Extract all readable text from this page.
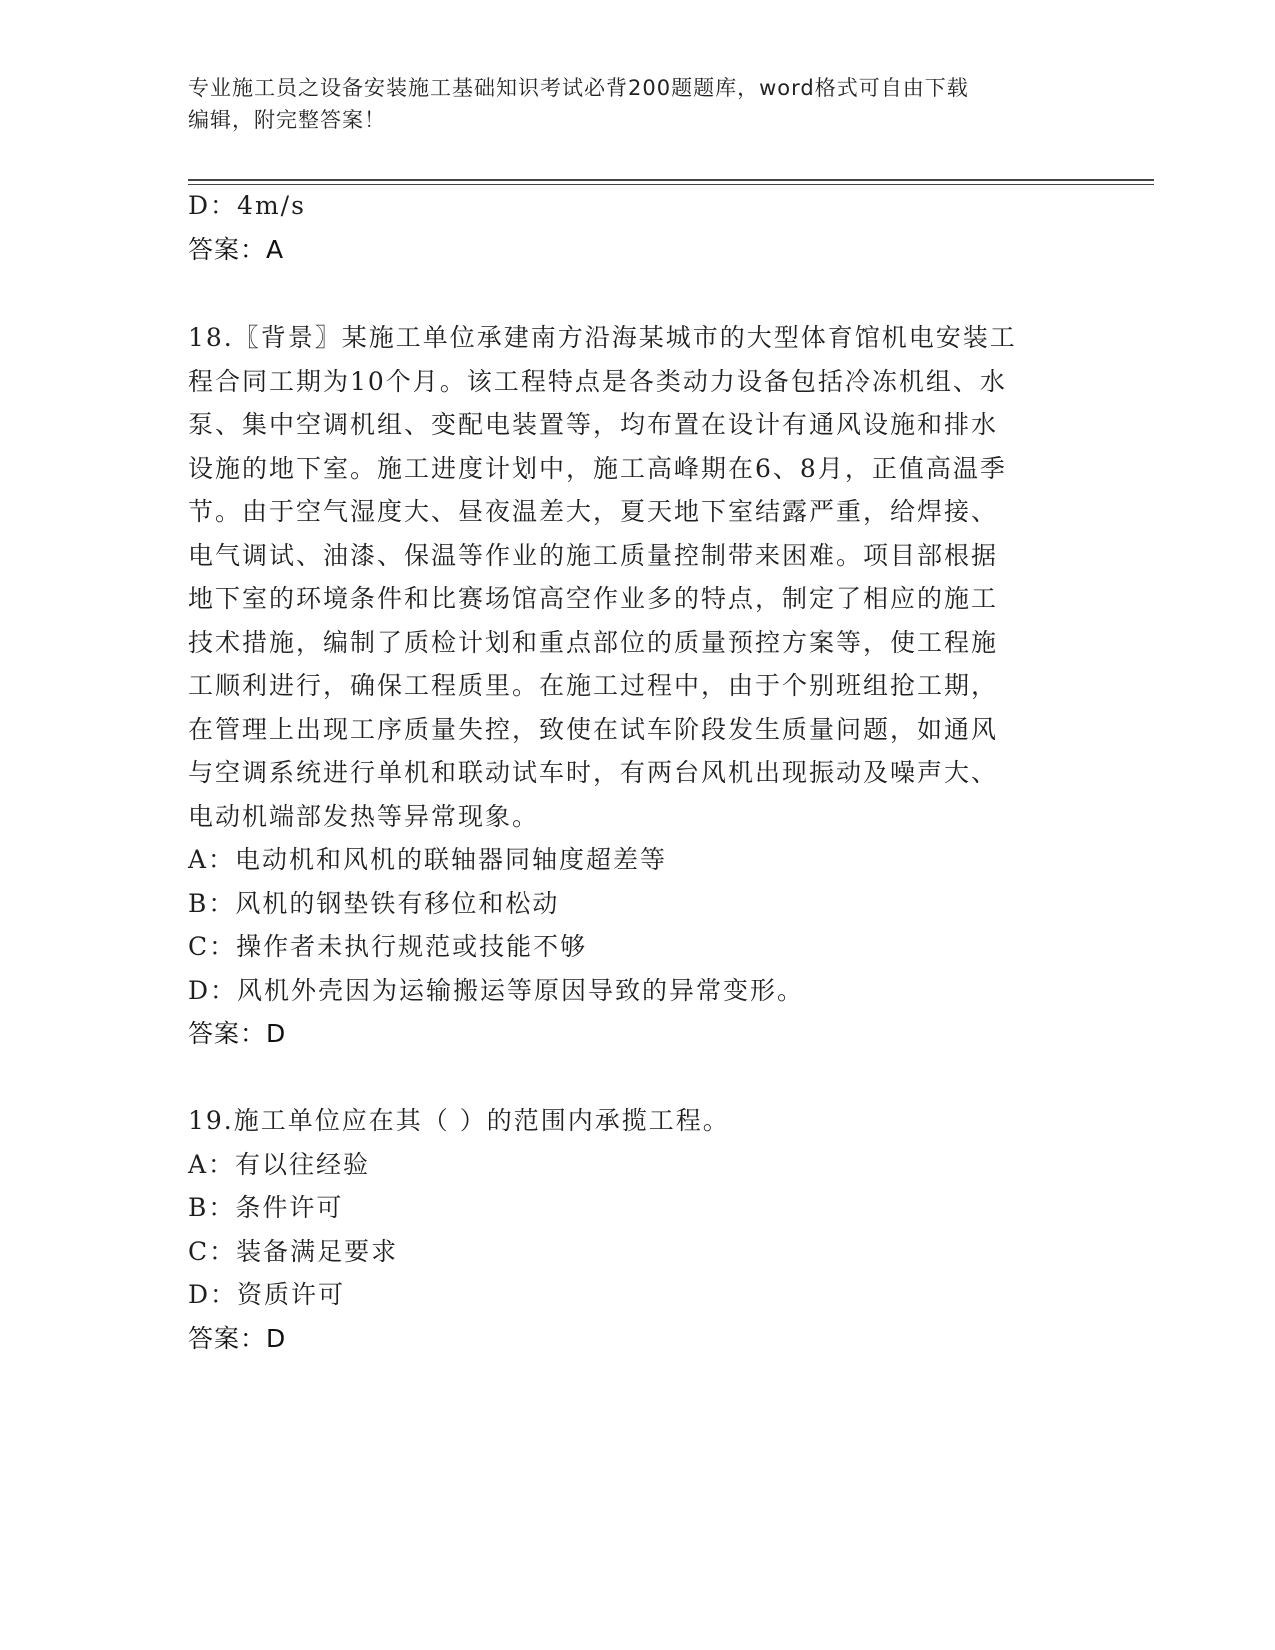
专业施工员之设备安装施工基础知识考试必背200题题库，word格式可自由下载
编辑，附完整答案！
D：4m/s
答案：A
18.〖背景〗某施工单位承建南方沿海某城市的大型体育馆机电安装工
程合同工期为10个月。该工程特点是各类动力设备包括冷冻机组、水
泵、集中空调机组、变配电装置等，均布置在设计有通风设施和排水
设施的地下室。施工进度计划中，施工高峰期在6、8月，正值高温季
节。由于空气湿度大、昼夜温差大，夏天地下室结露严重，给焊接、
电气调试、油漆、保温等作业的施工质量控制带来困难。项目部根据
地下室的环境条件和比赛场馆高空作业多的特点，制定了相应的施工
技术措施，编制了质检计划和重点部位的质量预控方案等，使工程施
工顺利进行，确保工程质里。在施工过程中，由于个别班组抢工期，
在管理上出现工序质量失控，致使在试车阶段发生质量问题，如通风
与空调系统进行单机和联动试车时，有两台风机出现振动及噪声大、
电动机端部发热等异常现象。
A：电动机和风机的联轴器同轴度超差等
B：风机的钢垫铁有移位和松动
C：操作者未执行规范或技能不够
D：风机外壳因为运输搬运等原因导致的异常变形。
答案：D
19.施工单位应在其（ ）的范围内承揽工程。
A：有以往经验
B：条件许可
C：装备满足要求
D：资质许可
答案：D
